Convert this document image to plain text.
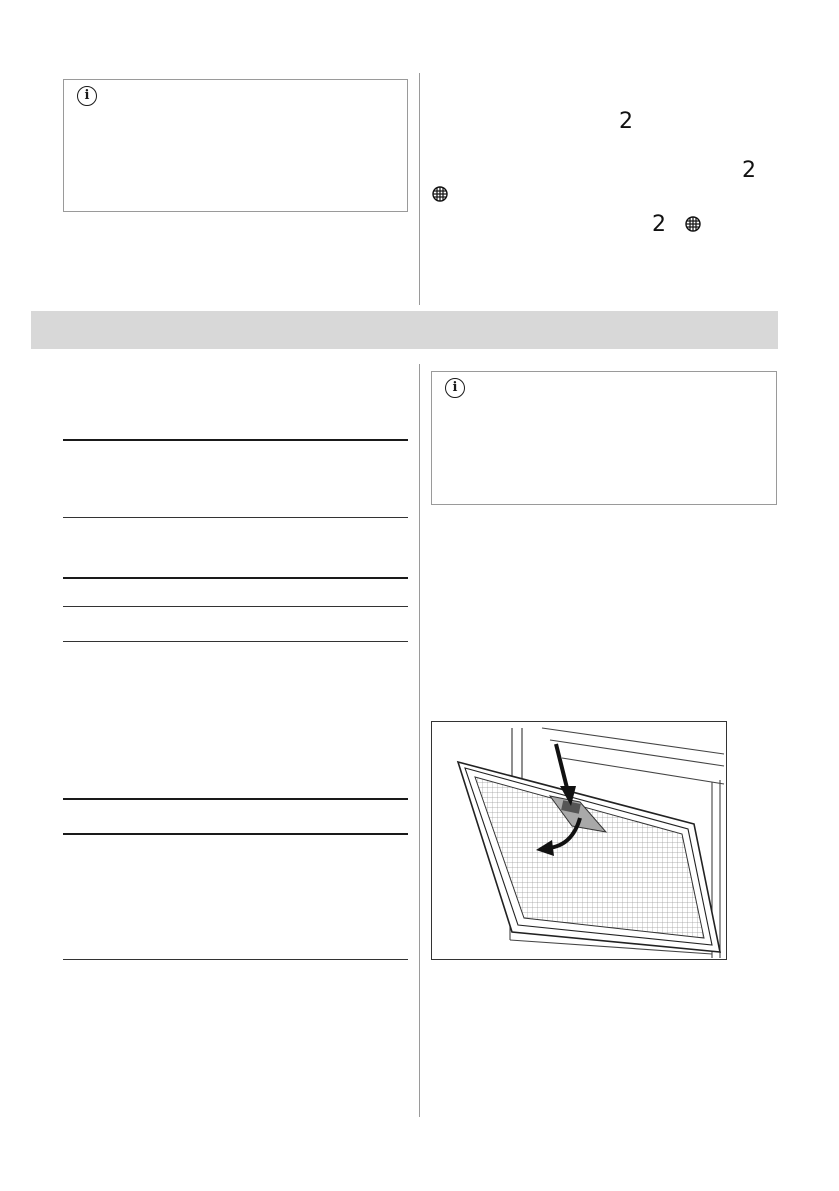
i
2
2
2
i
